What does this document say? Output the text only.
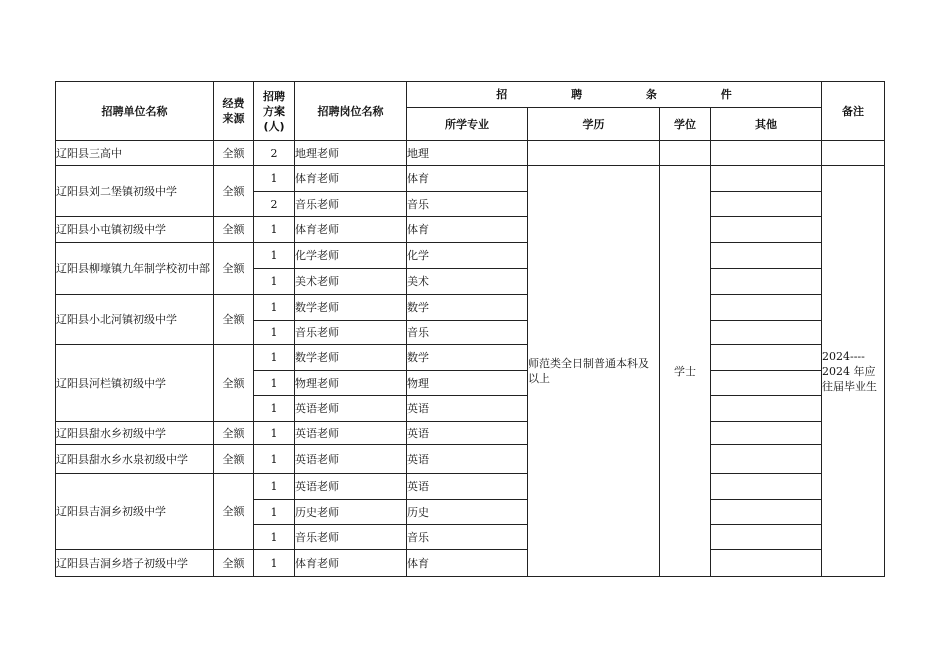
招聘单位名称	经费来源	招聘方案(人)	招聘岗位名称	招 聘 条 件				备注
				所学专业	学历	学位	其他	
辽阳县三高中	全额	2	地理老师	地理				
辽阳县刘二堡镇初级中学	全额	1	体育老师	体育	师范类全日制普通本科及以上	学士		2024---- 2024 年应往届毕业生
		2	音乐老师	音乐				
辽阳县小屯镇初级中学	全额	1	体育老师	体育				
辽阳县柳壕镇九年制学校初中部	全额	1	化学老师	化学				
		1	美术老师	美术				
辽阳县小北河镇初级中学	全额	1	数学老师	数学				
		1	音乐老师	音乐				
辽阳县河栏镇初级中学	全额	1	数学老师	数学				
		1	物理老师	物理				
		1	英语老师	英语				
辽阳县甜水乡初级中学	全额	1	英语老师	英语				
辽阳县甜水乡水泉初级中学	全额	1	英语老师	英语				
辽阳县吉洞乡初级中学	全额	1	英语老师	英语				
		1	历史老师	历史				
		1	音乐老师	音乐				
辽阳县吉洞乡塔子初级中学	全额	1	体育老师	体育				
